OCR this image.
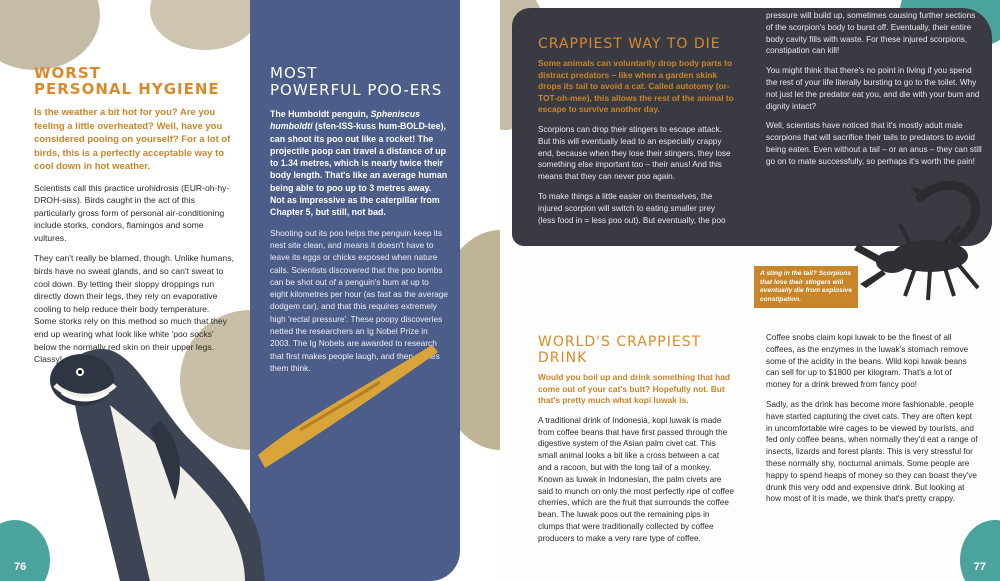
WORST
PERSONAL HYGIENE

Is the weather a bit hot for you? Are you feeling a little overheated? Well, have you considered pooing on yourself? For a lot of birds, this is a perfectly acceptable way to cool down in hot weather.

Scientists call this practice urohidrosis (EUR-oh-hy-DROH-siss). Birds caught in the act of this particularly gross form of personal air-conditioning include storks, condors, flamingos and some vultures.

They can't really be blamed, though. Unlike humans, birds have no sweat glands, and so can't sweat to cool down. By letting their sloppy droppings run directly down their legs, they rely on evaporative cooling to help reduce their body temperature. Some storks rely on this method so much that they end up wearing what look like white 'poo socks' below the normally red skin on their upper legs. Classy!

MOST
POWERFUL POO-ERS

The Humboldt penguin, Spheniscus humboldti (sfen-ISS-kuss hum-BOLD-tee), can shoot its poo out like a rocket! The projectile poop can travel a distance of up to 1.34 metres, which is nearly twice their body length. That's like an average human being able to poo up to 3 metres away. Not as impressive as the caterpillar from Chapter 5, but still, not bad.

Shooting out its poo helps the penguin keep its nest site clean, and means it doesn't have to leave its eggs or chicks exposed when nature calls. Scientists discovered that the poo bombs can be shot out of a penguin's bum at up to eight kilometres per hour (as fast as the average dodgem car), and that this requires extremely high 'rectal pressure'. These poopy discoveries netted the researchers an Ig Nobel Prize in 2003. The Ig Nobels are awarded to research that first makes people laugh, and then makes them think.

76
CRAPPIEST WAY TO DIE

Some animals can voluntarily drop body parts to distract predators – like when a garden skink drops its tail to avoid a cat. Called autotomy (or-TOT-oh-mee), this allows the rest of the animal to escape to survive another day.

Scorpions can drop their stingers to escape attack. But this will eventually lead to an especially crappy end, because when they lose their stingers, they lose something else important too – their anus! And this means that they can never poo again.

To make things a little easier on themselves, the injured scorpion will switch to eating smaller prey (less food in = less poo out). But eventually, the poo

pressure will build up, sometimes causing further sections of the scorpion's body to burst off. Eventually, their entire body cavity fills with waste. For these injured scorpions, constipation can kill!

You might think that there's no point in living if you spend the rest of your life literally bursting to go to the toilet. Why not just let the predator eat you, and die with your bum and dignity intact?

Well, scientists have noticed that it's mostly adult male scorpions that will sacrifice their tails to predators to avoid being eaten. Even without a tail – or an anus – they can still go on to mate successfully, so perhaps it's worth the pain!

A sting in the tail? Scorpions that lose their stingers will eventually die from explosive constipation.
WORLD'S CRAPPIEST DRINK

Would you boil up and drink something that had come out of your cat's butt? Hopefully not. But that's pretty much what kopi luwak is.

A traditional drink of Indonesia, kopi luwak is made from coffee beans that have first passed through the digestive system of the Asian palm civet cat. This small animal looks a bit like a cross between a cat and a racoon, but with the long tail of a monkey. Known as luwak in Indonesian, the palm civets are said to munch on only the most perfectly ripe of coffee cherries, which are the fruit that surrounds the coffee bean. The luwak poos out the remaining pips in clumps that were traditionally collected by coffee producers to make a very rare type of coffee.

Coffee snobs claim kopi luwak to be the finest of all coffees, as the enzymes in the luwak's stomach remove some of the acidity in the beans. Wild kopi luwak beans can sell for up to $1800 per kilogram. That's a lot of money for a drink brewed from fancy poo!

Sadly, as the drink has become more fashionable, people have started capturing the civet cats. They are often kept in uncomfortable wire cages to be viewed by tourists, and fed only coffee beans, when normally they'd eat a range of insects, lizards and forest plants. This is very stressful for these normally shy, nocturnal animals. Some people are happy to spend heaps of money so they can boast they've drunk this very odd and expensive drink. But looking at how most of it is made, we think that's pretty crappy.

77
